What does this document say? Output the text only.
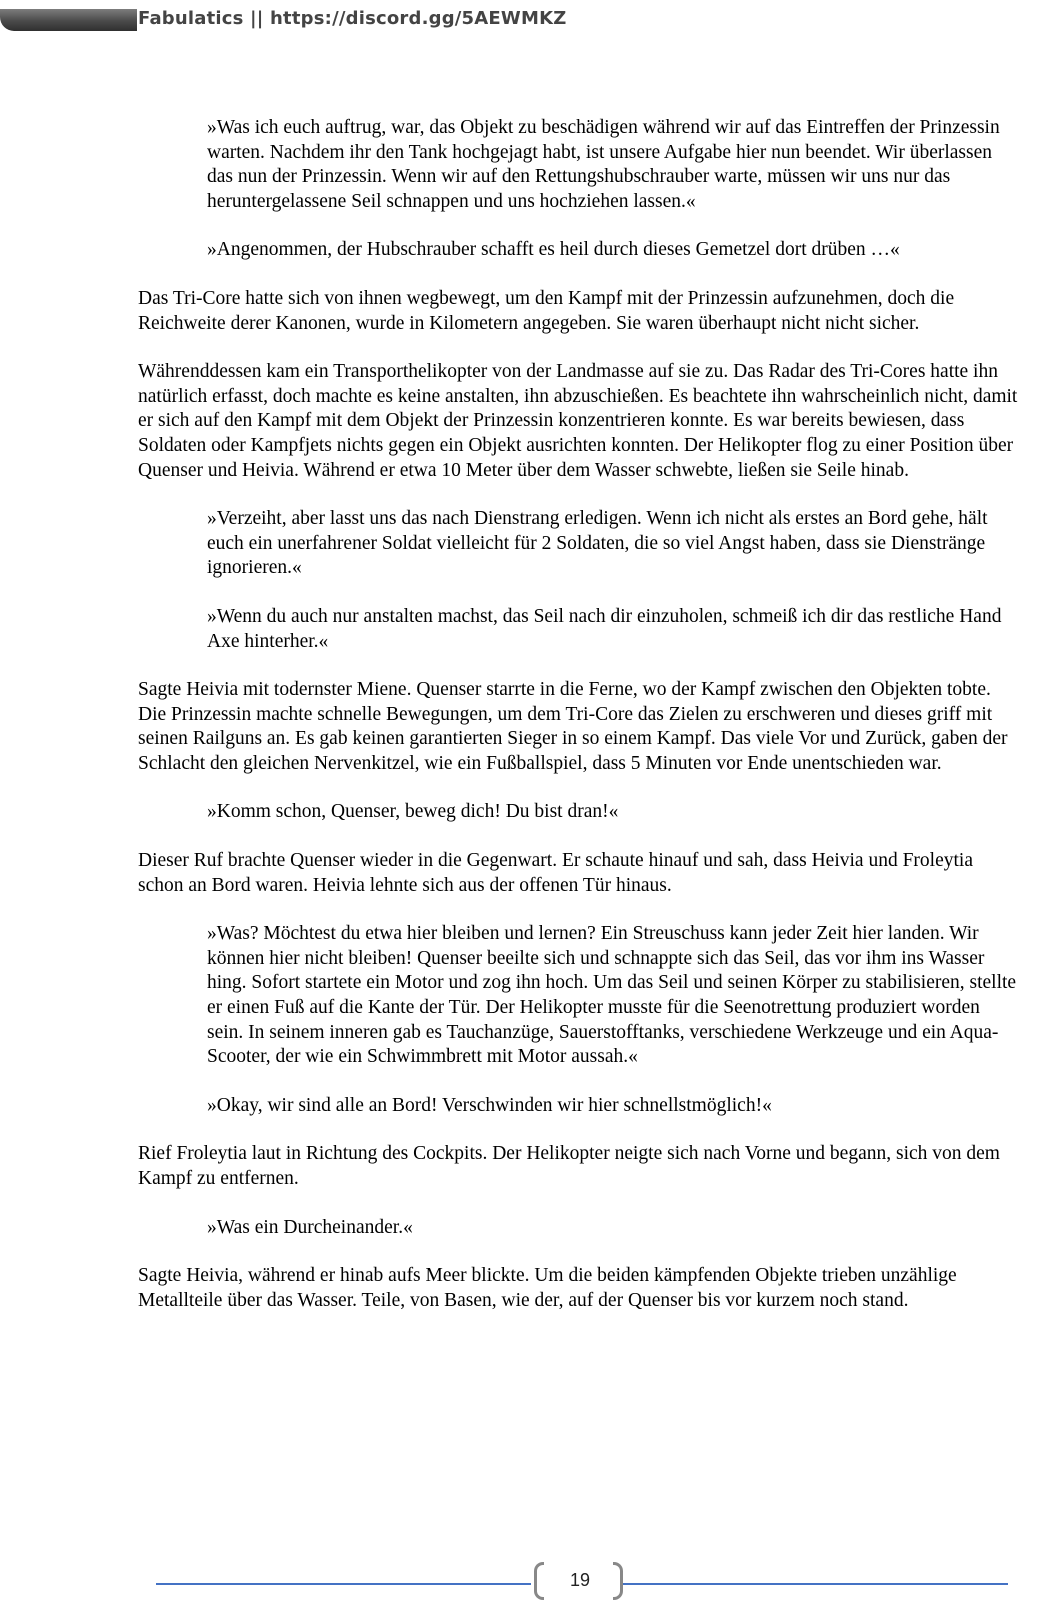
Fabulatics || https://discord.gg/5AEWMKZ

»Was ich euch auftrug, war, das Objekt zu beschädigen während wir auf das Eintreffen der Prinzessin warten. Nachdem ihr den Tank hochgejagt habt, ist unsere Aufgabe hier nun beendet. Wir überlassen das nun der Prinzessin. Wenn wir auf den Rettungshubschrauber warte, müssen wir uns nur das heruntergelassene Seil schnappen und uns hochziehen lassen.«

»Angenommen, der Hubschrauber schafft es heil durch dieses Gemetzel dort drüben …«

Das Tri-Core hatte sich von ihnen wegbewegt, um den Kampf mit der Prinzessin aufzunehmen, doch die Reichweite derer Kanonen, wurde in Kilometern angegeben. Sie waren überhaupt nicht nicht sicher.

Währenddessen kam ein Transporthelikopter von der Landmasse auf sie zu. Das Radar des Tri-Cores hatte ihn natürlich erfasst, doch machte es keine anstalten, ihn abzuschießen. Es beachtete ihn wahrscheinlich nicht, damit er sich auf den Kampf mit dem Objekt der Prinzessin konzentrieren konnte. Es war bereits bewiesen, dass Soldaten oder Kampfjets nichts gegen ein Objekt ausrichten konnten. Der Helikopter flog zu einer Position über Quenser und Heivia. Während er etwa 10 Meter über dem Wasser schwebte, ließen sie Seile hinab.

»Verzeiht, aber lasst uns das nach Dienstrang erledigen. Wenn ich nicht als erstes an Bord gehe, hält euch ein unerfahrener Soldat vielleicht für 2 Soldaten, die so viel Angst haben, dass sie Dienstränge ignorieren.«

»Wenn du auch nur anstalten machst, das Seil nach dir einzuholen, schmeiß ich dir das restliche Hand Axe hinterher.«

Sagte Heivia mit todernster Miene. Quenser starrte in die Ferne, wo der Kampf zwischen den Objekten tobte. Die Prinzessin machte schnelle Bewegungen, um dem Tri-Core das Zielen zu erschweren und dieses griff mit seinen Railguns an. Es gab keinen garantierten Sieger in so einem Kampf. Das viele Vor und Zurück, gaben der Schlacht den gleichen Nervenkitzel, wie ein Fußballspiel, dass 5 Minuten vor Ende unentschieden war.

»Komm schon, Quenser, beweg dich! Du bist dran!«

Dieser Ruf brachte Quenser wieder in die Gegenwart. Er schaute hinauf und sah, dass Heivia und Froleytia schon an Bord waren. Heivia lehnte sich aus der offenen Tür hinaus.

»Was? Möchtest du etwa hier bleiben und lernen? Ein Streuschuss kann jeder Zeit hier landen. Wir können hier nicht bleiben! Quenser beeilte sich und schnappte sich das Seil, das vor ihm ins Wasser hing. Sofort startete ein Motor und zog ihn hoch. Um das Seil und seinen Körper zu stabilisieren, stellte er einen Fuß auf die Kante der Tür. Der Helikopter musste für die Seenotrettung produziert worden sein. In seinem inneren gab es Tauchanzüge, Sauerstofftanks, verschiedene Werkzeuge und ein Aqua-Scooter, der wie ein Schwimmbrett mit Motor aussah.«

»Okay, wir sind alle an Bord! Verschwinden wir hier schnellstmöglich!«

Rief Froleytia laut in Richtung des Cockpits. Der Helikopter neigte sich nach Vorne und begann, sich von dem Kampf zu entfernen.

»Was ein Durcheinander.«

Sagte Heivia, während er hinab aufs Meer blickte. Um die beiden kämpfenden Objekte trieben unzählige Metallteile über das Wasser. Teile, von Basen, wie der, auf der Quenser bis vor kurzem noch stand.

19
